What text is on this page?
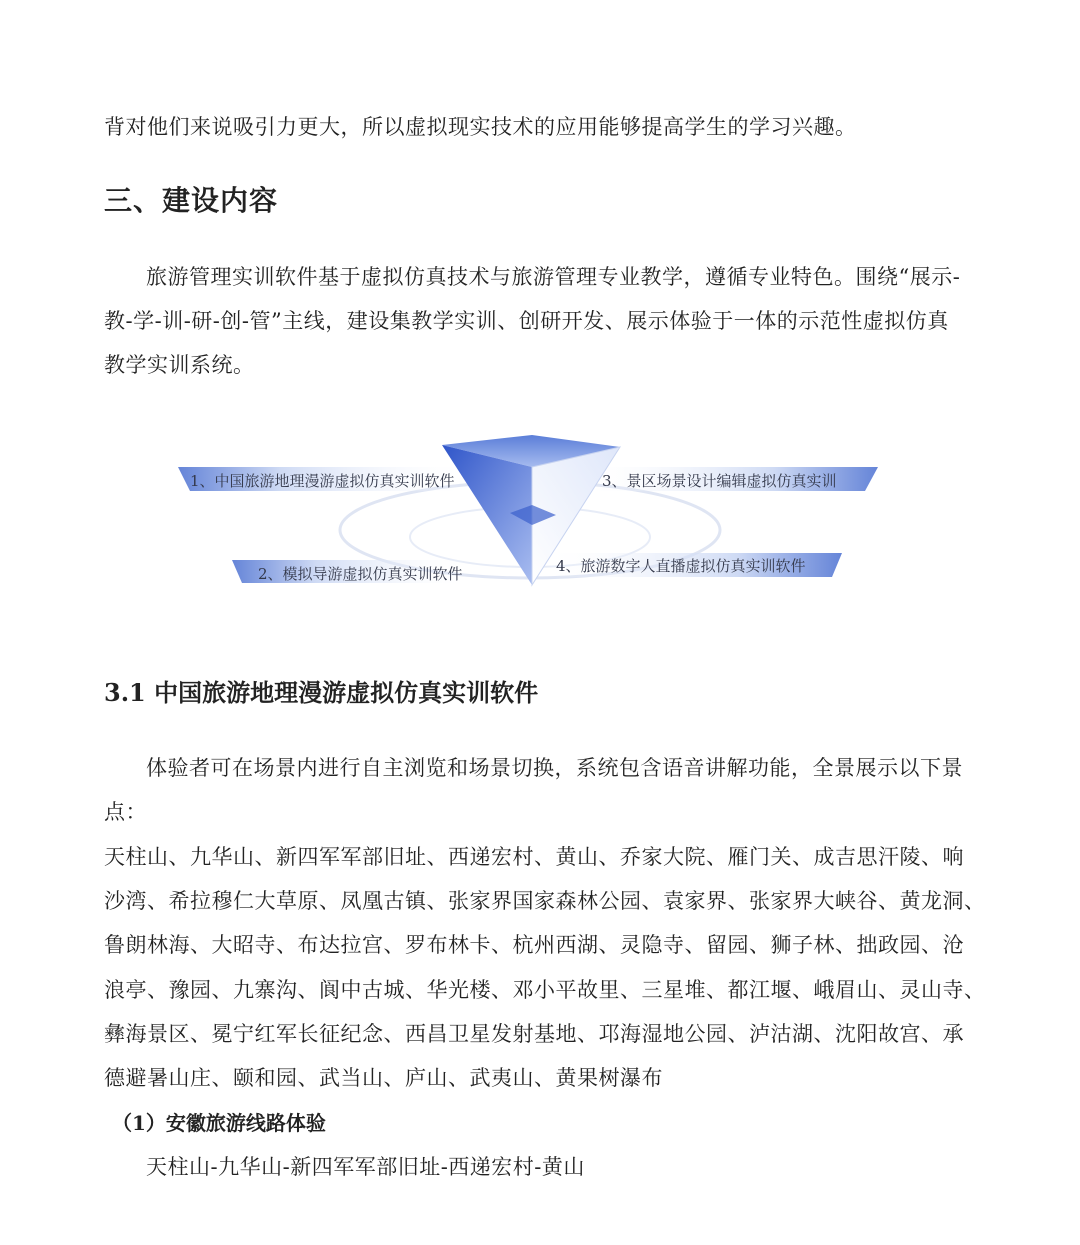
背对他们来说吸引力更大，所以虚拟现实技术的应用能够提高学生的学习兴趣。
三、建设内容
旅游管理实训软件基于虚拟仿真技术与旅游管理专业教学，遵循专业特色。围绕“展示-
教-学-训-研-创-管”主线，建设集教学实训、创研开发、展示体验于一体的示范性虚拟仿真
教学实训系统。
1、中国旅游地理漫游虚拟仿真实训软件
2、模拟导游虚拟仿真实训软件
3、景区场景设计编辑虚拟仿真实训
4、旅游数字人直播虚拟仿真实训软件
3.1 中国旅游地理漫游虚拟仿真实训软件
体验者可在场景内进行自主浏览和场景切换，系统包含语音讲解功能，全景展示以下景
点：
天柱山、九华山、新四军军部旧址、西递宏村、黄山、乔家大院、雁门关、成吉思汗陵、响
沙湾、希拉穆仁大草原、凤凰古镇、张家界国家森林公园、袁家界、张家界大峡谷、黄龙洞、
鲁朗林海、大昭寺、布达拉宫、罗布林卡、杭州西湖、灵隐寺、留园、狮子林、拙政园、沧
浪亭、豫园、九寨沟、阆中古城、华光楼、邓小平故里、三星堆、都江堰、峨眉山、灵山寺、
彝海景区、冕宁红军长征纪念、西昌卫星发射基地、邛海湿地公园、泸沽湖、沈阳故宫、承
德避暑山庄、颐和园、武当山、庐山、武夷山、黄果树瀑布
（1）安徽旅游线路体验
天柱山-九华山-新四军军部旧址-西递宏村-黄山
